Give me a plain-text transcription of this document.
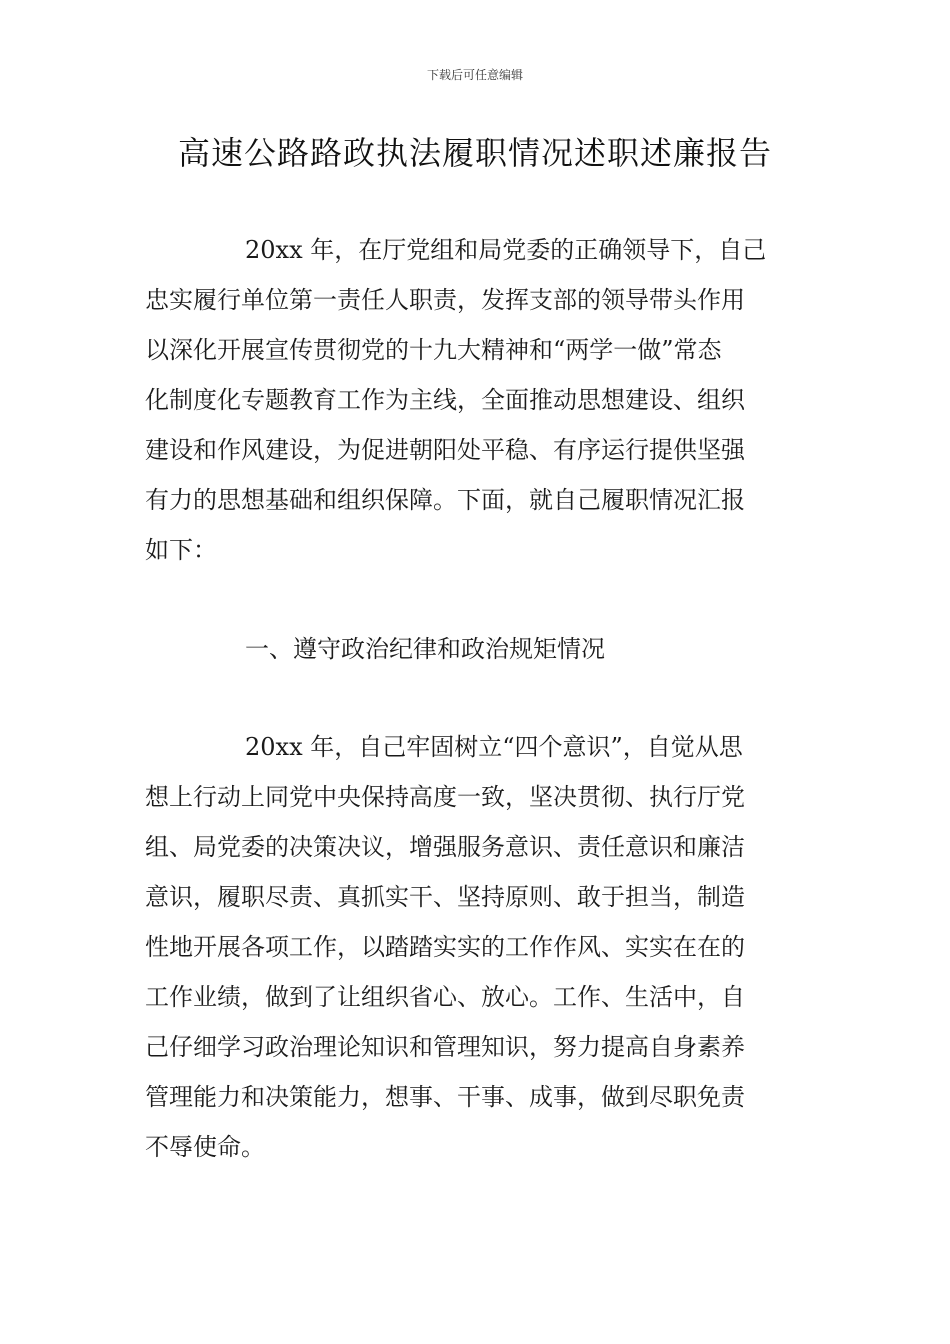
下载后可任意编辑
高速公路路政执法履职情况述职述廉报告
20xx 年，在厅党组和局党委的正确领导下，自己
忠实履行单位第一责任人职责，发挥支部的领导带头作用
以深化开展宣传贯彻党的十九大精神和“两学一做”常态
化制度化专题教育工作为主线，全面推动思想建设、组织
建设和作风建设，为促进朝阳处平稳、有序运行提供坚强
有力的思想基础和组织保障。下面，就自己履职情况汇报
如下：
一、遵守政治纪律和政治规矩情况
20xx 年，自己牢固树立“四个意识”，自觉从思
想上行动上同党中央保持高度一致，坚决贯彻、执行厅党
组、局党委的决策决议，增强服务意识、责任意识和廉洁
意识，履职尽责、真抓实干、坚持原则、敢于担当，制造
性地开展各项工作，以踏踏实实的工作作风、实实在在的
工作业绩，做到了让组织省心、放心。工作、生活中，自
己仔细学习政治理论知识和管理知识，努力提高自身素养
管理能力和决策能力，想事、干事、成事，做到尽职免责
不辱使命。
